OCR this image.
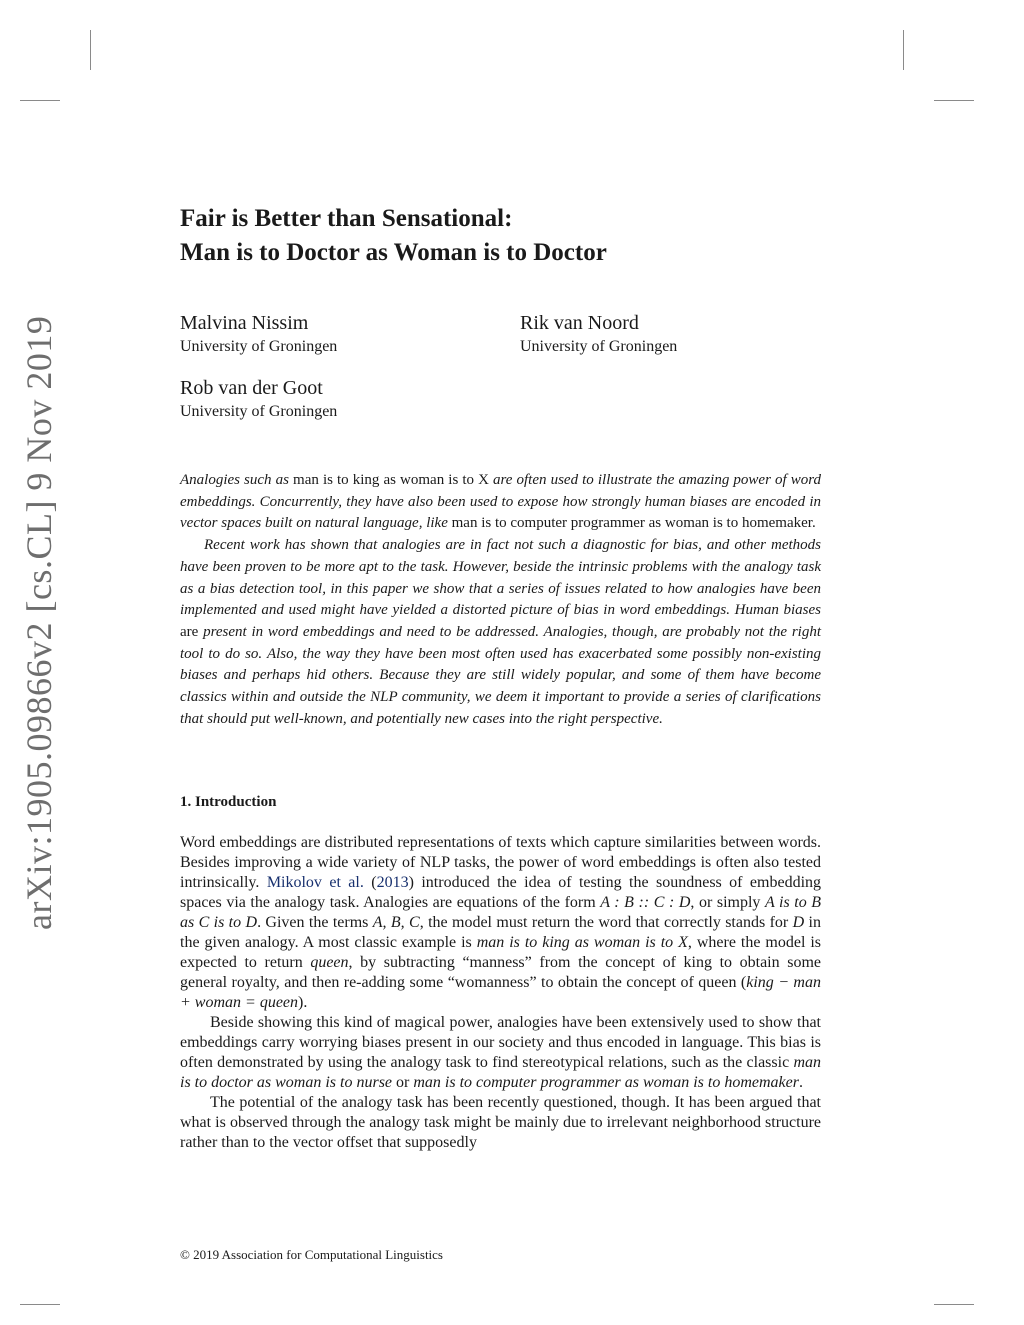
arXiv:1905.09866v2 [cs.CL] 9 Nov 2019
Fair is Better than Sensational:
Man is to Doctor as Woman is to Doctor
Malvina Nissim
University of Groningen
Rik van Noord
University of Groningen
Rob van der Goot
University of Groningen

Analogies such as man is to king as woman is to X are often used to illustrate the amazing power of word embeddings. Concurrently, they have also been used to expose how strongly human biases are encoded in vector spaces built on natural language, like man is to computer programmer as woman is to homemaker.

Recent work has shown that analogies are in fact not such a diagnostic for bias, and other methods have been proven to be more apt to the task. However, beside the intrinsic problems with the analogy task as a bias detection tool, in this paper we show that a series of issues related to how analogies have been implemented and used might have yielded a distorted picture of bias in word embeddings. Human biases are present in word embeddings and need to be addressed. Analogies, though, are probably not the right tool to do so. Also, the way they have been most often used has exacerbated some possibly non-existing biases and perhaps hid others. Because they are still widely popular, and some of them have become classics within and outside the NLP community, we deem it important to provide a series of clarifications that should put well-known, and potentially new cases into the right perspective.

1. Introduction

Word embeddings are distributed representations of texts which capture similarities between words. Besides improving a wide variety of NLP tasks, the power of word embeddings is often also tested intrinsically. Mikolov et al. (2013) introduced the idea of testing the soundness of embedding spaces via the analogy task. Analogies are equations of the form A : B :: C : D, or simply A is to B as C is to D. Given the terms A, B, C, the model must return the word that correctly stands for D in the given analogy. A most classic example is man is to king as woman is to X, where the model is expected to return queen, by subtracting “manness” from the concept of king to obtain some general royalty, and then re-adding some “womanness” to obtain the concept of queen (king − man + woman = queen).

Beside showing this kind of magical power, analogies have been extensively used to show that embeddings carry worrying biases present in our society and thus encoded in language. This bias is often demonstrated by using the analogy task to find stereotypical relations, such as the classic man is to doctor as woman is to nurse or man is to computer programmer as woman is to homemaker.

The potential of the analogy task has been recently questioned, though. It has been argued that what is observed through the analogy task might be mainly due to irrelevant neighborhood structure rather than to the vector offset that supposedly

© 2019 Association for Computational Linguistics
